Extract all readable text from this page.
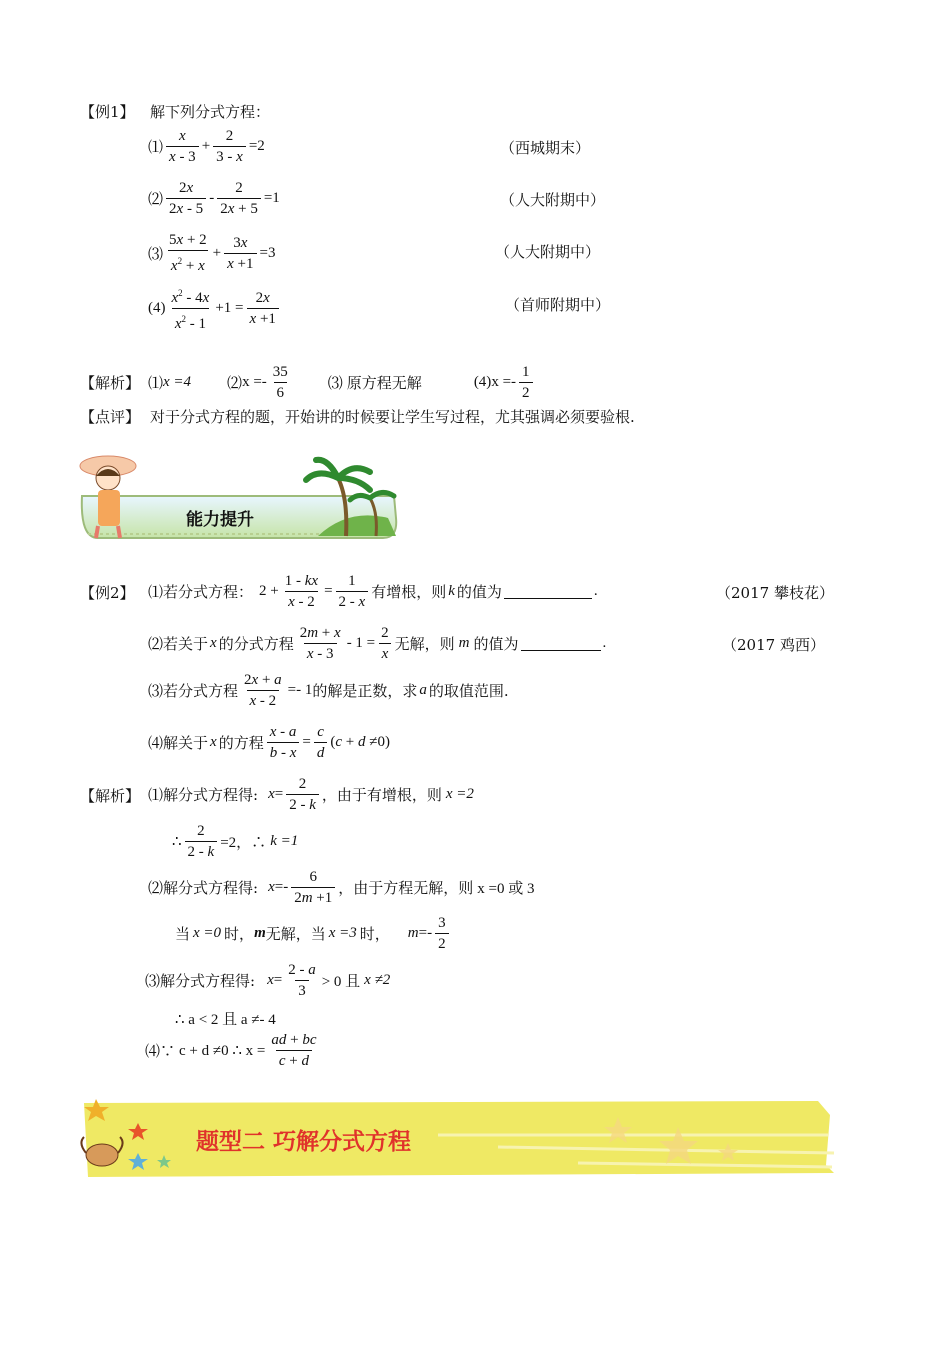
【例1】 解下列分式方程：
⑴ $\frac{x}{x - 3} + \frac{2}{3 - x} =2$	（西城期末）
⑵ $\frac{2x}{2x - 5} - \frac{2}{2x + 5} =1$	（人大附期中）
⑶ $\frac{5x + 2}{x^2 + x} + \frac{3x}{x +1} =3$	（人大附期中）
$(4) \frac{x^2 - 4x}{x^2 - 1} +1 = \frac{2x}{x +1}$	（首师附期中）
【解析】 ⑴ x =4 ⑵ $x =- \frac{35}{6}$ ⑶ 原方程无解	(4) $x =- \frac{1}{2}$
【点评】 对于分式方程的题，开始讲的时候要让学生写过程，尤其强调必须要验根.
能力提升
【例2】 ⑴若分式方程： $2 + \frac{1 - kx}{x - 2} = \frac{1}{2 - x}$ 有增根，则 k 的值为	.	（2017 攀枝花）
⑵若关于 x 的分式方程 $\frac{2m + x}{x - 3} - 1 = \frac{2}{x}$ 无解，则 m 的值为	.	（2017 鸡西）
⑶若分式方程 $\frac{2x + a}{x - 2} =- 1$ 的解是正数，求 a 的取值范围.
⑷解关于 x 的方程 $\frac{x - a}{b - x} = \frac{c}{d} (c + d \ne 0)$
【解析】 ⑴解分式方程得: $x = \frac{2}{2 - k}$ ，由于有增根，则 x =2
∴ $\frac{2}{2 - k} =2$，∴ k =1
⑵解分式方程得: $x =- \frac{6}{2m +1}$ ，由于方程无解，则 x =0 或 3
当 x =0 时， m 无解，当 x =3 时， $m =- \frac{3}{2}$
⑶解分式方程得: $x = \frac{2 - a}{3} > 0$ 且 x ≠2
∴ a < 2 且 a ≠- 4
⑷∵ c + d ≠0 ∴ $x = \frac{ad + bc}{c + d}$
题型二 巧解分式方程
